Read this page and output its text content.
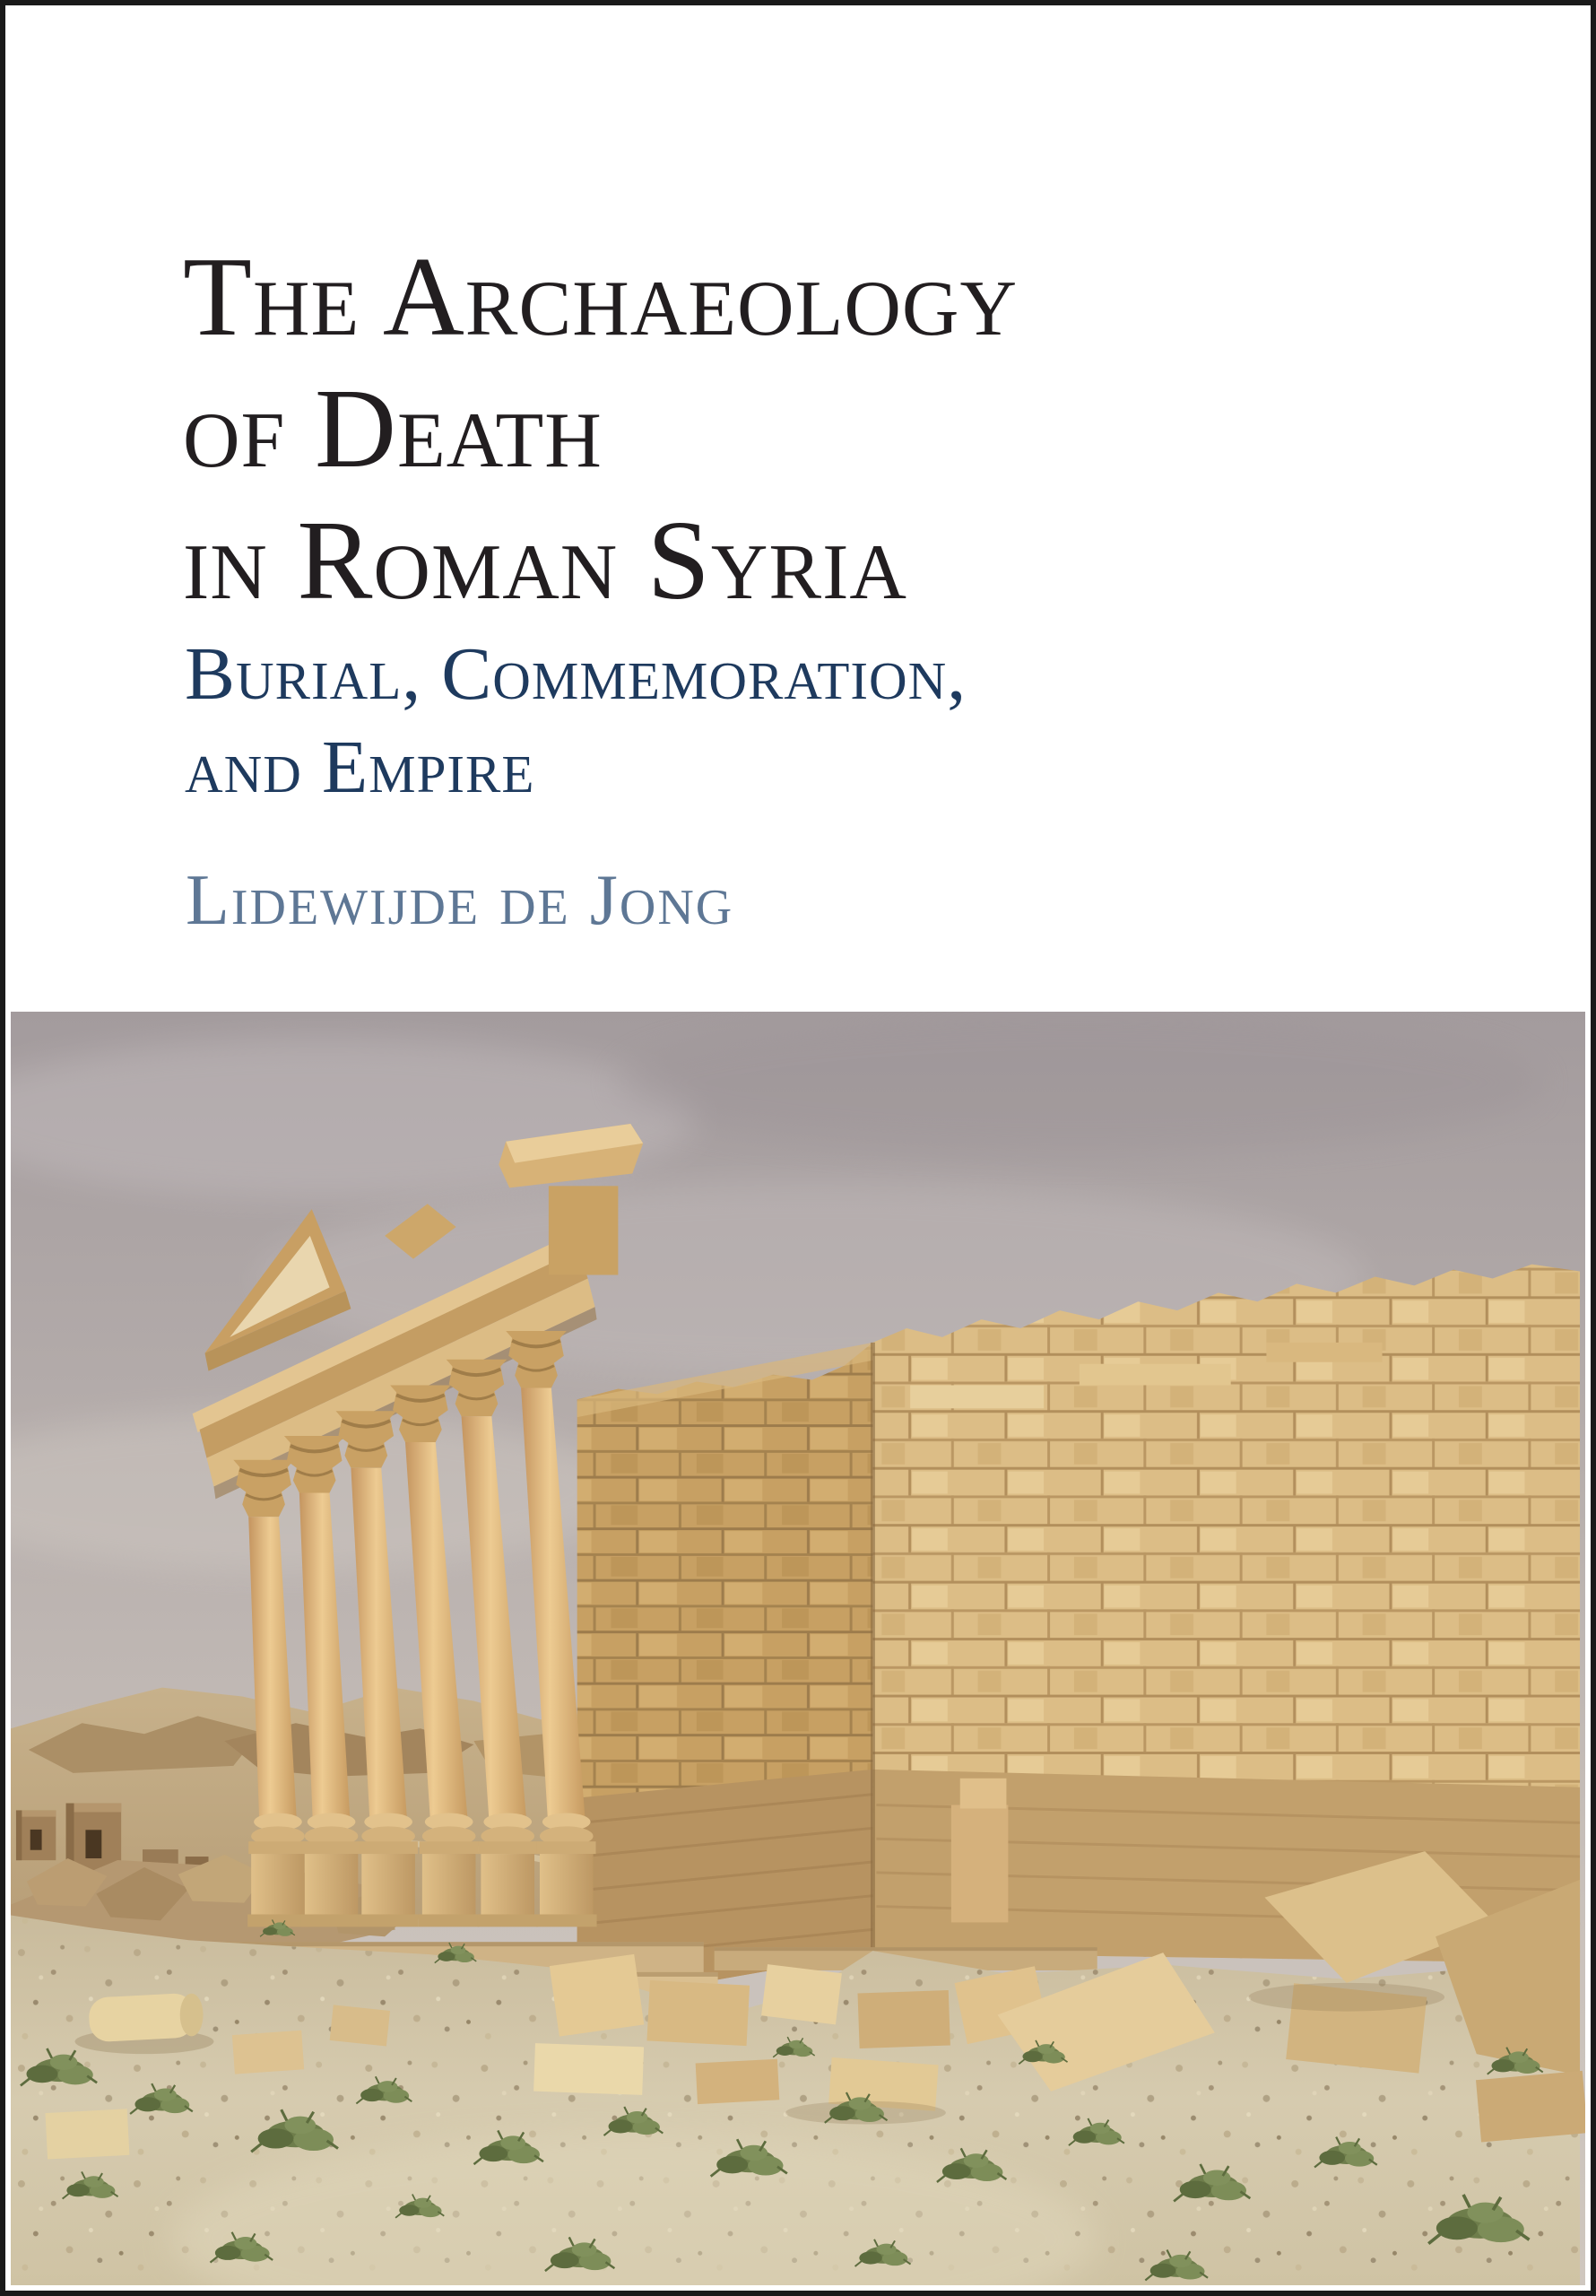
The Archaeology
of Death
in Roman Syria
Burial, Commemoration,
and Empire
Lidewijde de Jong
